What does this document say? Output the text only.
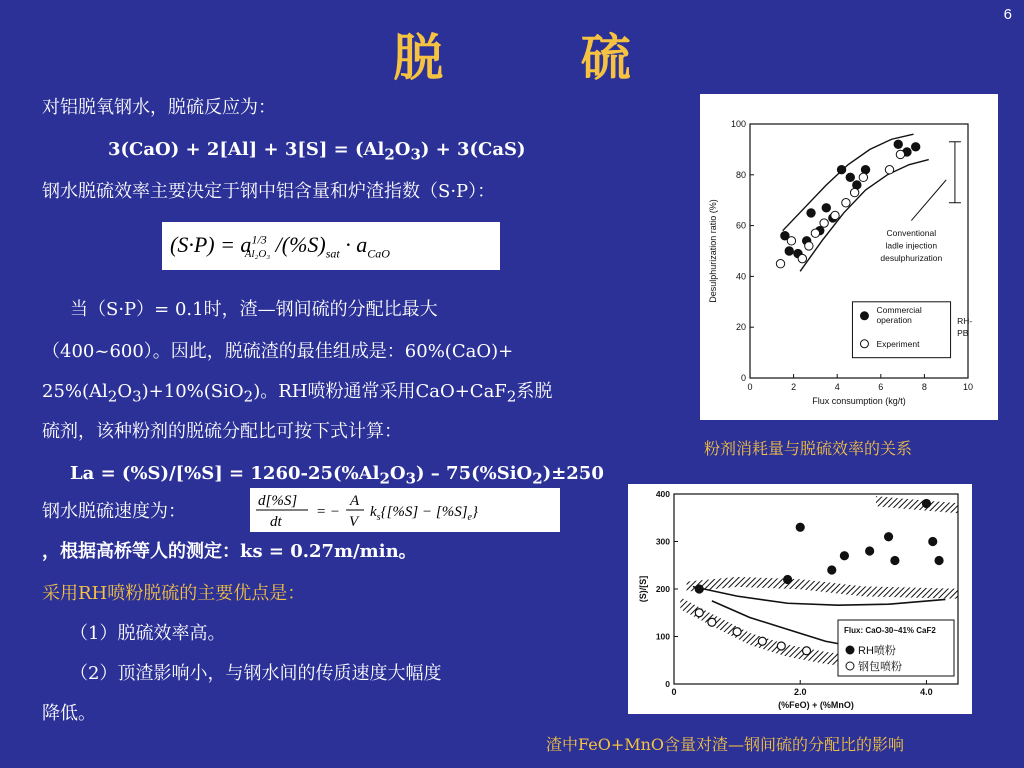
6
脱 硫
对铝脱氧钢水，脱硫反应为：
$3(CaO) + 2[Al] + 3[S] = (Al_2O_3) + 3(CaS)$
钢水脱硫效率主要决定于钢中铝含量和炉渣指数（S·P）：
$(S\cdot P) = a^{1/3}_{Al_2O_3}$ $/(\%S)_{sat} \cdot a_{CaO}$
当（S·P）= 0.1时，渣—钢间硫的分配比最大
（400~600）。因此，脱硫渣的最佳组成是：60%(CaO)+
$25\%(Al_2O_3)+10\%(SiO_2)$。RH喷粉通常采用CaO+CaF$_2$系脱
硫剂，该种粉剂的脱硫分配比可按下式计算：
$La = (\%S)/[\%S] = 1260-25(\%Al_2O_3) - 75(\%SiO_2)\pm 250$
钢水脱硫速度为：	d[%S]
dt
= −
A
V
$k_s\{[\%S] - [\%S]_e\}$
，根据高桥等人的测定：ks = 0.27m/min。
采用RH喷粉脱硫的主要优点是：
（1）脱硫效率高。
（2）顶渣影响小，与钢水间的传质速度大幅度
降低。
0	2	4	6	8	10
0
20
40
60
80
100
Flux consumption (kg/t)
Desulphurization ratio (%)	Conventional
ladle injection
desulphurization
Commercial
operation
Experiment
RH-
PB
粉剂消耗量与脱硫效率的关系
0	2.0	4.0
0
100
200
300
400
(%FeO) + (%MnO)
(S)/[S]
Flux: CaO-30~41% CaF2
RH喷粉
钢包喷粉
渣中FeO+MnO含量对渣—钢间硫的分配比的影响
